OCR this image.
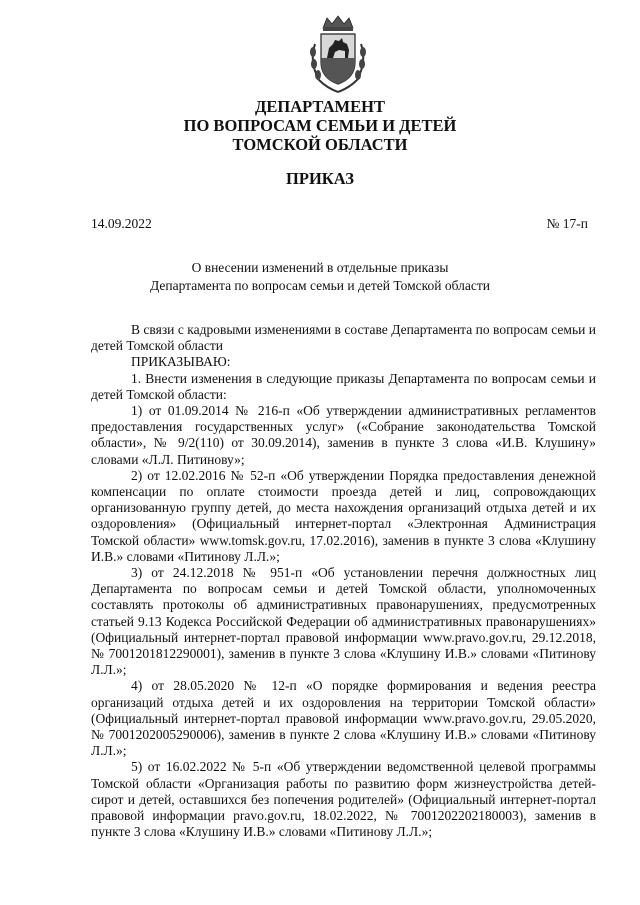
ДЕПАРТАМЕНТ
ПО ВОПРОСАМ СЕМЬИ И ДЕТЕЙ
ТОМСКОЙ ОБЛАСТИ
ПРИКАЗ
14.09.2022	№ 17-п
О внесении изменений в отдельные приказы
Департамента по вопросам семьи и детей Томской области

В связи с кадровыми изменениями в составе Департамента по вопросам семьи и детей Томской области

ПРИКАЗЫВАЮ:

1. Внести изменения в следующие приказы Департамента по вопросам семьи и детей Томской области:

1) от 01.09.2014 № 216-п «Об утверждении административных регламентов предоставления государственных услуг» («Собрание законодательства Томской области», № 9/2(110) от 30.09.2014), заменив в пункте 3 слова «И.В. Клушину» словами «Л.Л. Питинову»;

2) от 12.02.2016 № 52-п «Об утверждении Порядка предоставления денежной компенсации по оплате стоимости проезда детей и лиц, сопровождающих организованную группу детей, до места нахождения организаций отдыха детей и их оздоровления» (Официальный интернет-портал «Электронная Администрация Томской области» www.tomsk.gov.ru, 17.02.2016), заменив в пункте 3 слова «Клушину И.В.» словами «Питинову Л.Л.»;

3) от 24.12.2018 № 951-п «Об установлении перечня должностных лиц Департамента по вопросам семьи и детей Томской области, уполномоченных составлять протоколы об административных правонарушениях, предусмотренных статьей 9.13 Кодекса Российской Федерации об административных правонарушениях» (Официальный интернет-портал правовой информации www.pravo.gov.ru, 29.12.2018, № 7001201812290001), заменив в пункте 3 слова «Клушину И.В.» словами «Питинову Л.Л.»;

4) от 28.05.2020 № 12-п «О порядке формирования и ведения реестра организаций отдыха детей и их оздоровления на территории Томской области» (Официальный интернет-портал правовой информации www.pravo.gov.ru, 29.05.2020, № 7001202005290006), заменив в пункте 2 слова «Клушину И.В.» словами «Питинову Л.Л.»;

5) от 16.02.2022 № 5-п «Об утверждении ведомственной целевой программы Томской области «Организация работы по развитию форм жизнеустройства детей-сирот и детей, оставшихся без попечения родителей» (Официальный интернет-портал правовой информации pravo.gov.ru, 18.02.2022, № 7001202202180003), заменив в пункте 3 слова «Клушину И.В.» словами «Питинову Л.Л.»;
